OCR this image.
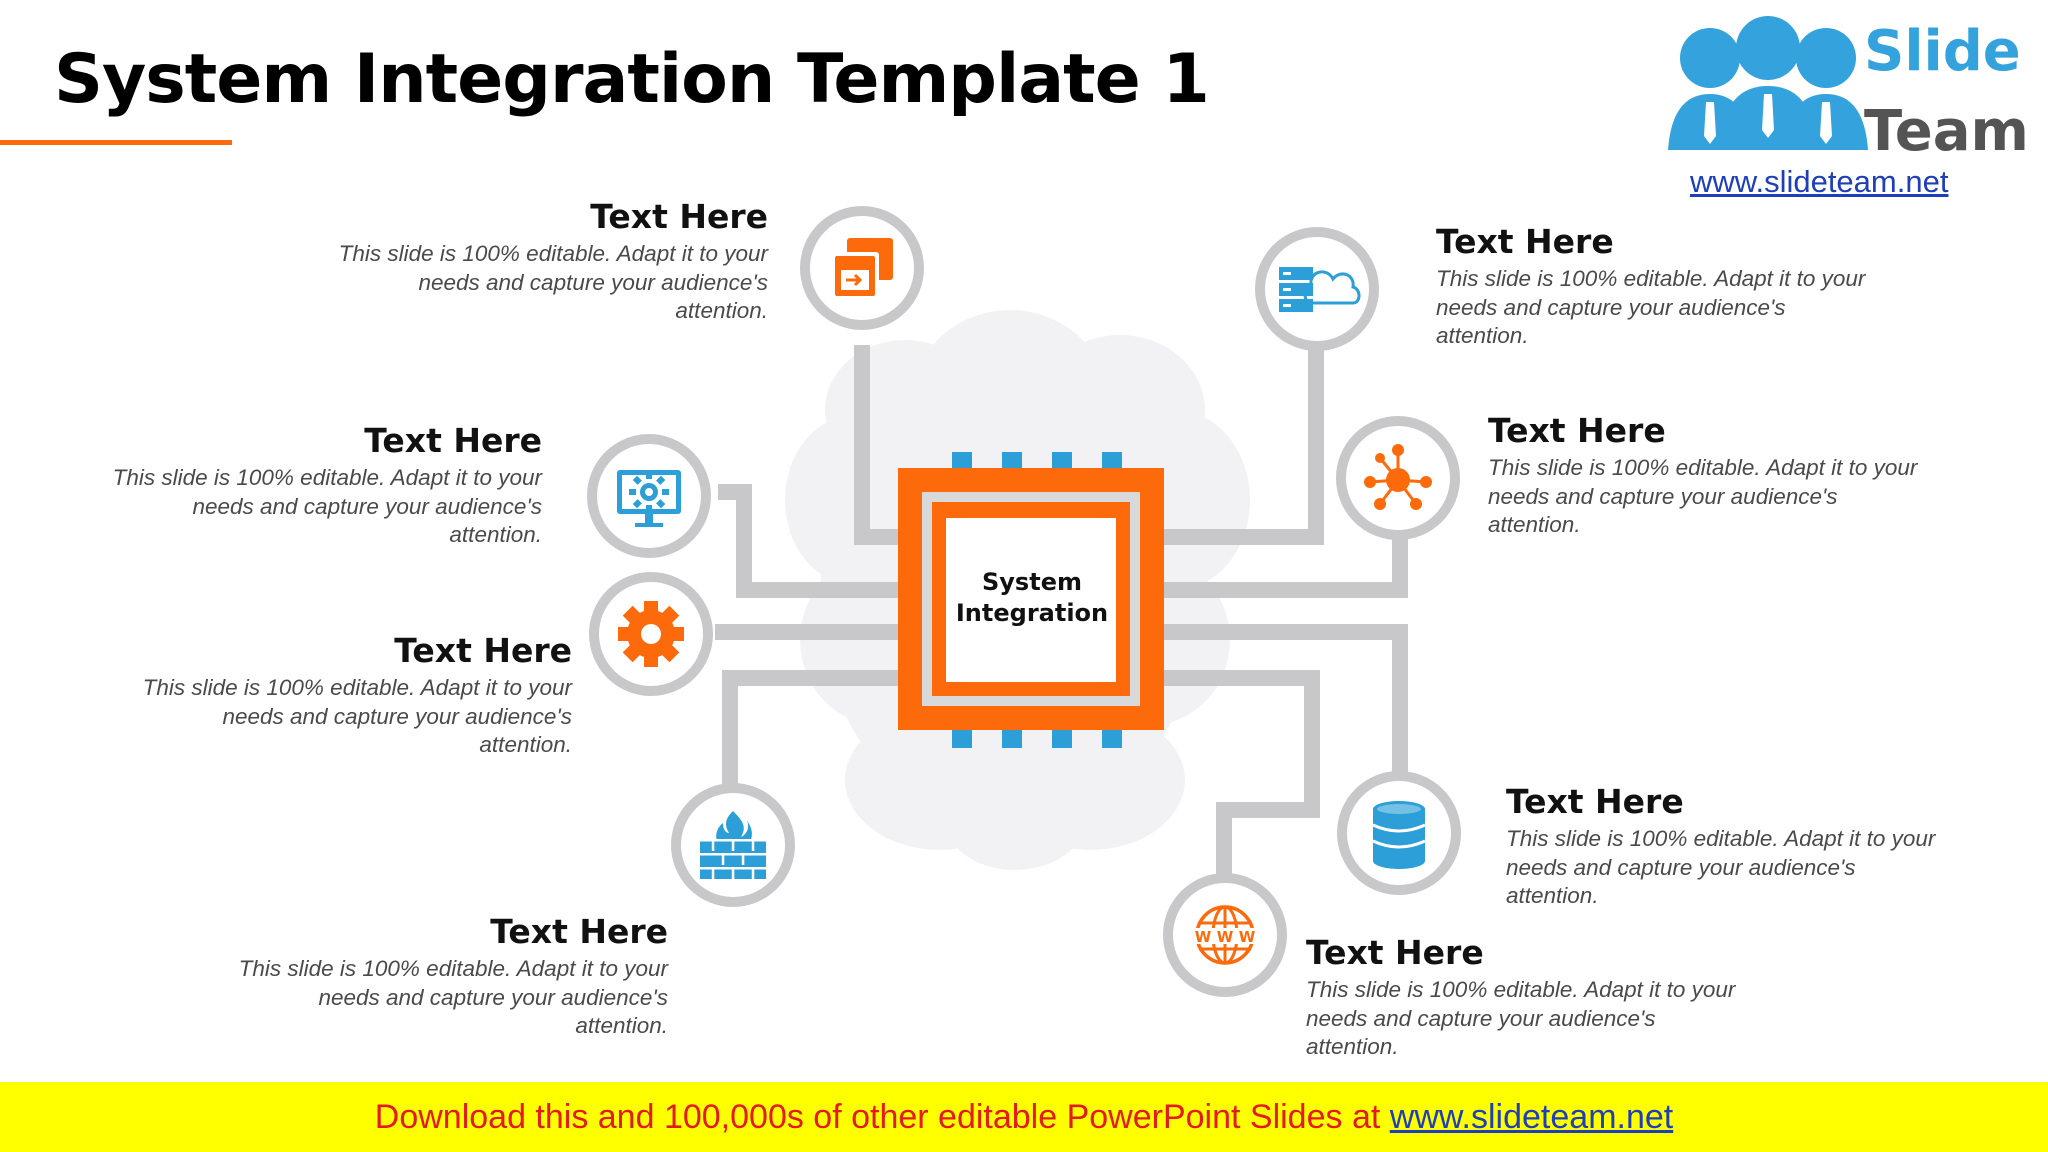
W W W
System Integration Template 1
System
Integration
Text Here
This slide is 100% editable. Adapt it to your needs and capture your audience's attention.
Text Here
This slide is 100% editable. Adapt it to your needs and capture your audience's attention.
Text Here
This slide is 100% editable. Adapt it to your needs and capture your audience's attention.
Text Here
This slide is 100% editable. Adapt it to your needs and capture your audience's attention.
Text Here
This slide is 100% editable. Adapt it to your needs and capture your audience's attention.
Text Here
This slide is 100% editable. Adapt it to your needs and capture your audience's attention.
Text Here
This slide is 100% editable. Adapt it to your needs and capture your audience's attention.
Text Here
This slide is 100% editable. Adapt it to your needs and capture your audience's attention.
Slide
Team
www.slideteam.net
Download this and 100,000s of other editable PowerPoint Slides at www.slideteam.net
